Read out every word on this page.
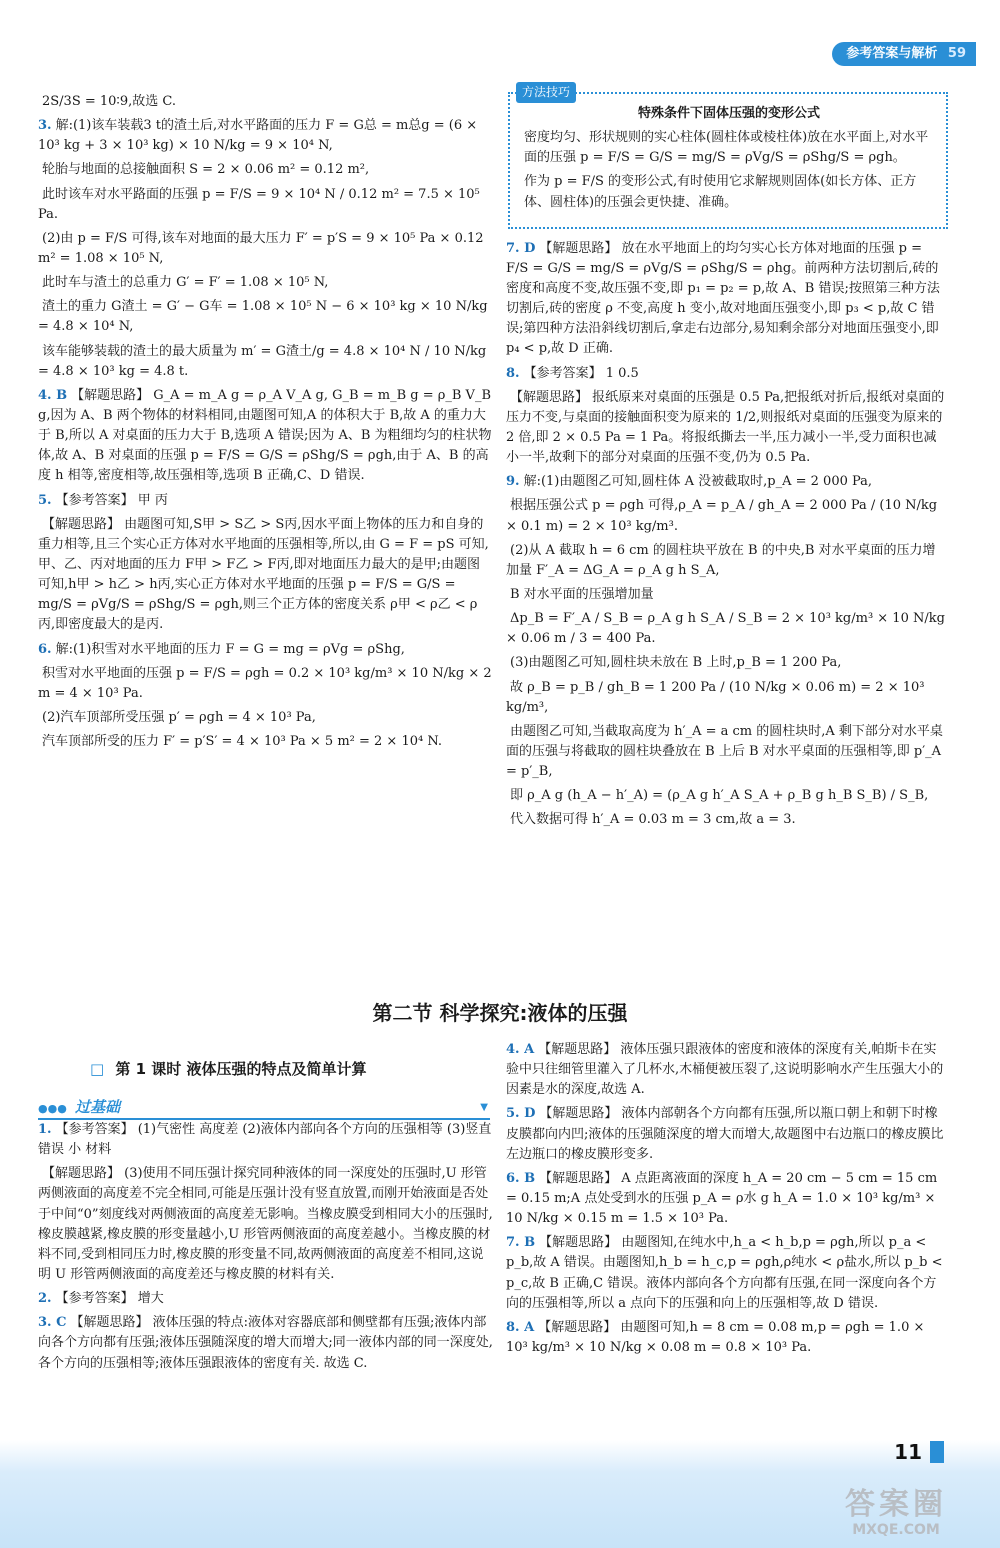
参考答案与解析 59

2S/3S = 10∶9,故选 C.

3. 解:(1)该车装载3 t的渣土后,对水平路面的压力 F = G总 = m总g = (6 × 10³ kg + 3 × 10³ kg) × 10 N/kg = 9 × 10⁴ N,

轮胎与地面的总接触面积 S = 2 × 0.06 m² = 0.12 m²,

此时该车对水平路面的压强 p = F/S = 9 × 10⁴ N / 0.12 m² = 7.5 × 10⁵ Pa.

(2)由 p = F/S 可得,该车对地面的最大压力 F′ = p′S = 9 × 10⁵ Pa × 0.12 m² = 1.08 × 10⁵ N,

此时车与渣土的总重力 G′ = F′ = 1.08 × 10⁵ N,

渣土的重力 G渣土 = G′ − G车 = 1.08 × 10⁵ N − 6 × 10³ kg × 10 N/kg = 4.8 × 10⁴ N,

该车能够装载的渣土的最大质量为 m′ = G渣土/g = 4.8 × 10⁴ N / 10 N/kg = 4.8 × 10³ kg = 4.8 t.

4. B 【解题思路】 G_A = m_A g = ρ_A V_A g, G_B = m_B g = ρ_B V_B g,因为 A、B 两个物体的材料相同,由题图可知,A 的体积大于 B,故 A 的重力大于 B,所以 A 对桌面的压力大于 B,选项 A 错误;因为 A、B 为粗细均匀的柱状物体,故 A、B 对桌面的压强 p = F/S = G/S = ρShg/S = ρgh,由于 A、B 的高度 h 相等,密度相等,故压强相等,选项 B 正确,C、D 错误.

5. 【参考答案】 甲 丙

【解题思路】 由题图可知,S甲 > S乙 > S丙,因水平面上物体的压力和自身的重力相等,且三个实心正方体对水平地面的压强相等,所以,由 G = F = pS 可知,甲、乙、丙对地面的压力 F甲 > F乙 > F丙,即对地面压力最大的是甲;由题图可知,h甲 > h乙 > h丙,实心正方体对水平地面的压强 p = F/S = G/S = mg/S = ρVg/S = ρShg/S = ρgh,则三个正方体的密度关系 ρ甲 < ρ乙 < ρ丙,即密度最大的是丙.

6. 解:(1)积雪对水平地面的压力 F = G = mg = ρVg = ρShg,

积雪对水平地面的压强 p = F/S = ρgh = 0.2 × 10³ kg/m³ × 10 N/kg × 2 m = 4 × 10³ Pa.

(2)汽车顶部所受压强 p′ = ρgh = 4 × 10³ Pa,

汽车顶部所受的压力 F′ = p′S′ = 4 × 10³ Pa × 5 m² = 2 × 10⁴ N.

方法技巧
特殊条件下固体压强的变形公式

密度均匀、形状规则的实心柱体(圆柱体或棱柱体)放在水平面上,对水平面的压强 p = F/S = G/S = mg/S = ρVg/S = ρShg/S = ρgh。

作为 p = F/S 的变形公式,有时使用它求解规则固体(如长方体、正方体、圆柱体)的压强会更快捷、准确。

7. D 【解题思路】 放在水平地面上的均匀实心长方体对地面的压强 p = F/S = G/S = mg/S = ρVg/S = ρShg/S = ρhg。前两种方法切割后,砖的密度和高度不变,故压强不变,即 p₁ = p₂ = p,故 A、B 错误;按照第三种方法切割后,砖的密度 ρ 不变,高度 h 变小,故对地面压强变小,即 p₃ < p,故 C 错误;第四种方法沿斜线切割后,拿走右边部分,易知剩余部分对地面压强变小,即 p₄ < p,故 D 正确.

8. 【参考答案】 1 0.5

【解题思路】 报纸原来对桌面的压强是 0.5 Pa,把报纸对折后,报纸对桌面的压力不变,与桌面的接触面积变为原来的 1/2,则报纸对桌面的压强变为原来的 2 倍,即 2 × 0.5 Pa = 1 Pa。将报纸撕去一半,压力减小一半,受力面积也减小一半,故剩下的部分对桌面的压强不变,仍为 0.5 Pa.

9. 解:(1)由题图乙可知,圆柱体 A 没被截取时,p_A = 2 000 Pa,

根据压强公式 p = ρgh 可得,ρ_A = p_A / gh_A = 2 000 Pa / (10 N/kg × 0.1 m) = 2 × 10³ kg/m³.

(2)从 A 截取 h = 6 cm 的圆柱块平放在 B 的中央,B 对水平桌面的压力增加量 F′_A = ΔG_A = ρ_A g h S_A,

B 对水平面的压强增加量

Δp_B = F′_A / S_B = ρ_A g h S_A / S_B = 2 × 10³ kg/m³ × 10 N/kg × 0.06 m / 3 = 400 Pa.

(3)由题图乙可知,圆柱块未放在 B 上时,p_B = 1 200 Pa,

故 ρ_B = p_B / gh_B = 1 200 Pa / (10 N/kg × 0.06 m) = 2 × 10³ kg/m³,

由题图乙可知,当截取高度为 h′_A = a cm 的圆柱块时,A 剩下部分对水平桌面的压强与将截取的圆柱块叠放在 B 上后 B 对水平桌面的压强相等,即 p′_A = p′_B,

即 ρ_A g (h_A − h′_A) = (ρ_A g h′_A S_A + ρ_B g h_B S_B) / S_B,

代入数据可得 h′_A = 0.03 m = 3 cm,故 a = 3.

第二节 科学探究:液体的压强
□ 第 1 课时 液体压强的特点及简单计算
●●● 过基础	▼

1. 【参考答案】 (1)气密性 高度差 (2)液体内部向各个方向的压强相等 (3)竖直 错误 小 材料

【解题思路】 (3)使用不同压强计探究同种液体的同一深度处的压强时,U 形管两侧液面的高度差不完全相同,可能是压强计没有竖直放置,而刚开始液面是否处于中间“0”刻度线对两侧液面的高度差无影响。当橡皮膜受到相同大小的压强时,橡皮膜越紧,橡皮膜的形变量越小,U 形管两侧液面的高度差越小。当橡皮膜的材料不同,受到相同压力时,橡皮膜的形变量不同,故两侧液面的高度差不相同,这说明 U 形管两侧液面的高度差还与橡皮膜的材料有关.

2. 【参考答案】 增大

3. C 【解题思路】 液体压强的特点:液体对容器底部和侧壁都有压强;液体内部向各个方向都有压强;液体压强随深度的增大而增大;同一液体内部的同一深度处,各个方向的压强相等;液体压强跟液体的密度有关. 故选 C.

4. A 【解题思路】 液体压强只跟液体的密度和液体的深度有关,帕斯卡在实验中只往细管里灌入了几杯水,木桶便被压裂了,这说明影响水产生压强大小的因素是水的深度,故选 A.

5. D 【解题思路】 液体内部朝各个方向都有压强,所以瓶口朝上和朝下时橡皮膜都向内凹;液体的压强随深度的增大而增大,故题图中右边瓶口的橡皮膜比左边瓶口的橡皮膜形变多.

6. B 【解题思路】 A 点距离液面的深度 h_A = 20 cm − 5 cm = 15 cm = 0.15 m;A 点处受到水的压强 p_A = ρ水 g h_A = 1.0 × 10³ kg/m³ × 10 N/kg × 0.15 m = 1.5 × 10³ Pa.

7. B 【解题思路】 由题图知,在纯水中,h_a < h_b,p = ρgh,所以 p_a < p_b,故 A 错误。由题图知,h_b = h_c,p = ρgh,ρ纯水 < ρ盐水,所以 p_b < p_c,故 B 正确,C 错误。液体内部向各个方向都有压强,在同一深度向各个方向的压强相等,所以 a 点向下的压强和向上的压强相等,故 D 错误.

8. A 【解题思路】 由题图可知,h = 8 cm = 0.08 m,p = ρgh = 1.0 × 10³ kg/m³ × 10 N/kg × 0.08 m = 0.8 × 10³ Pa.

11
答案圈
MXQE.COM
